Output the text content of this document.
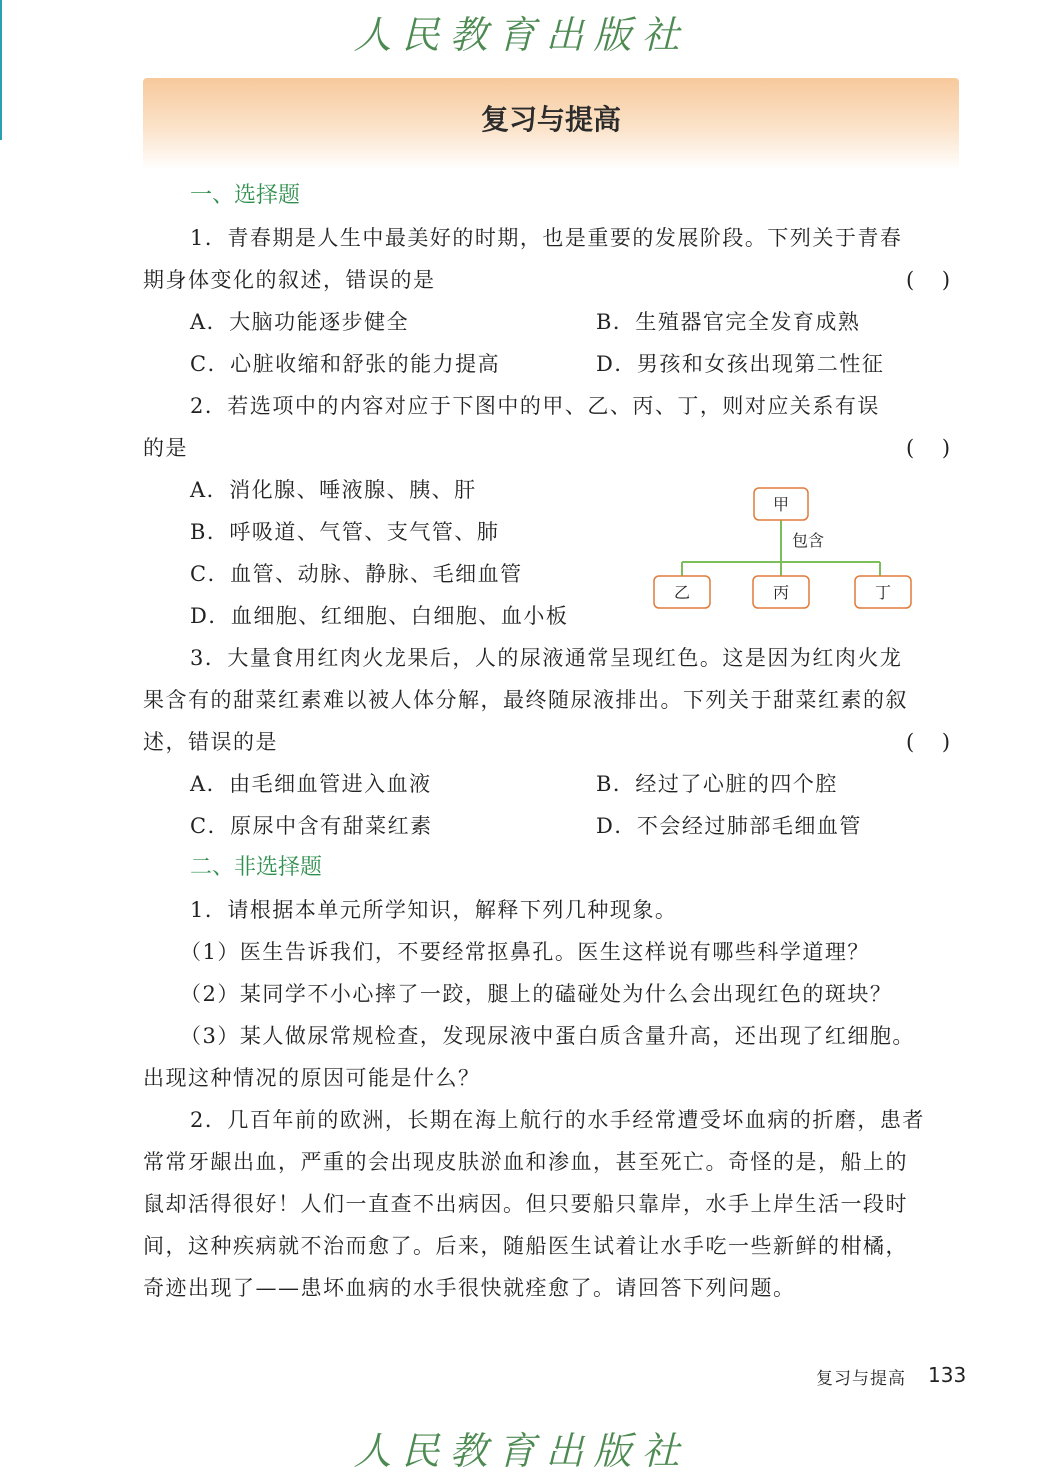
人民教育出版社
复习与提高
一、选择题
1．青春期是人生中最美好的时期，也是重要的发展阶段。下列关于青春
期身体变化的叙述，错误的是	(　 )
A．大脑功能逐步健全	B．生殖器官完全发育成熟
C．心脏收缩和舒张的能力提高	D．男孩和女孩出现第二性征
2．若选项中的内容对应于下图中的甲、乙、丙、丁，则对应关系有误
的是	(　 )
A．消化腺、唾液腺、胰、肝
B．呼吸道、气管、支气管、肺
C．血管、动脉、静脉、毛细血管
D．血细胞、红细胞、白细胞、血小板
甲
包含
乙	丙	丁
3．大量食用红肉火龙果后，人的尿液通常呈现红色。这是因为红肉火龙
果含有的甜菜红素难以被人体分解，最终随尿液排出。下列关于甜菜红素的叙
述，错误的是	(　 )
A．由毛细血管进入血液	B．经过了心脏的四个腔
C．原尿中含有甜菜红素	D．不会经过肺部毛细血管
二、非选择题
1．请根据本单元所学知识，解释下列几种现象。
（1）医生告诉我们，不要经常抠鼻孔。医生这样说有哪些科学道理？
（2）某同学不小心摔了一跤，腿上的磕碰处为什么会出现红色的斑块？
（3）某人做尿常规检查，发现尿液中蛋白质含量升高，还出现了红细胞。
出现这种情况的原因可能是什么？
2．几百年前的欧洲，长期在海上航行的水手经常遭受坏血病的折磨，患者
常常牙龈出血，严重的会出现皮肤淤血和渗血，甚至死亡。奇怪的是，船上的
鼠却活得很好！人们一直查不出病因。但只要船只靠岸，水手上岸生活一段时
间，这种疾病就不治而愈了。后来，随船医生试着让水手吃一些新鲜的柑橘，
奇迹出现了——患坏血病的水手很快就痊愈了。请回答下列问题。
复习与提高 133
人民教育出版社
